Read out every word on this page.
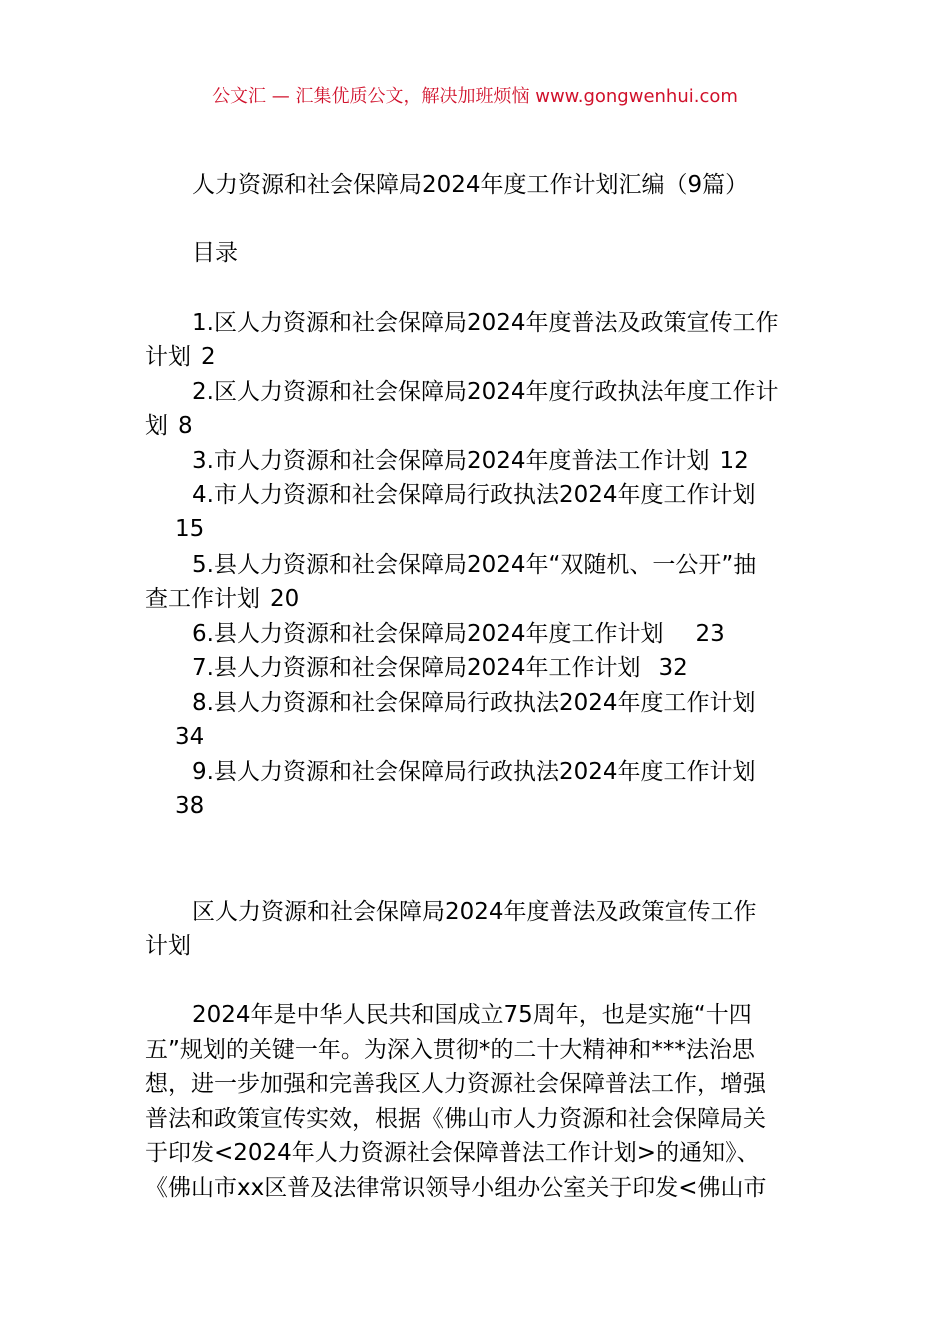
公文汇 — 汇集优质公文，解决加班烦恼 www.gongwenhui.com
人力资源和社会保障局2024年度工作计划汇编（9篇）
目录
1.区人力资源和社会保障局2024年度普法及政策宣传工作
计划 2
2.区人力资源和社会保障局2024年度行政执法年度工作计
划 8
3.市人力资源和社会保障局2024年度普法工作计划 12
4.市人力资源和社会保障局行政执法2024年度工作计划
15
5.县人力资源和社会保障局2024年“双随机、一公开”抽
查工作计划 20
6.县人力资源和社会保障局2024年度工作计划 23
7.县人力资源和社会保障局2024年工作计划 32
8.县人力资源和社会保障局行政执法2024年度工作计划
34
9.县人力资源和社会保障局行政执法2024年度工作计划
38
区人力资源和社会保障局2024年度普法及政策宣传工作
计划
2024年是中华人民共和国成立75周年，也是实施“十四
五”规划的关键一年。为深入贯彻*的二十大精神和***法治思
想，进一步加强和完善我区人力资源社会保障普法工作，增强
普法和政策宣传实效，根据《佛山市人力资源和社会保障局关
于印发<2024年人力资源社会保障普法工作计划>的通知》、
《佛山市xx区普及法律常识领导小组办公室关于印发<佛山市
